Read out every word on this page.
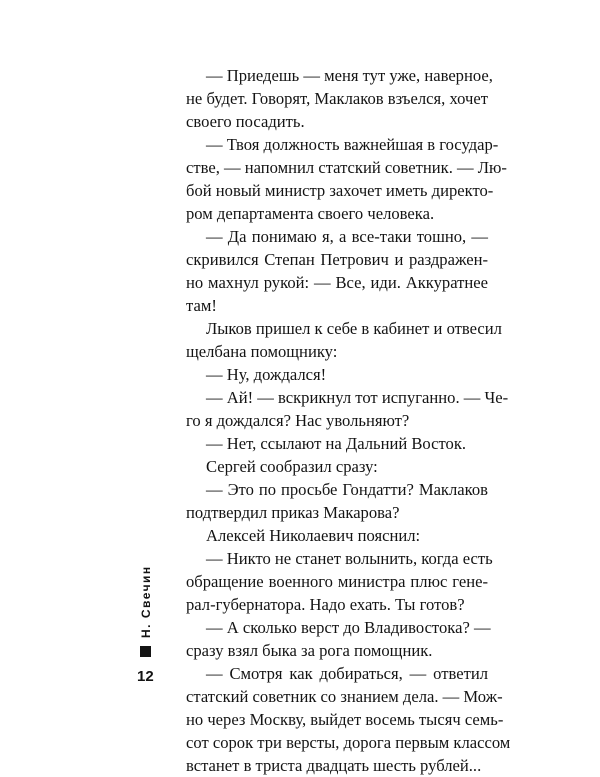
— Приедешь — меня тут уже, наверное,
не будет. Говорят, Маклаков взъелся, хочет
своего посадить.
— Твоя должность важнейшая в государ-
стве, — напомнил статский советник. — Лю-
бой новый министр захочет иметь директо-
ром департамента своего человека.
— Да понимаю я, а все-таки тошно, —
скривился Степан Петрович и раздражен-
но махнул рукой: — Все, иди. Аккуратнее
там!
Лыков пришел к себе в кабинет и отвесил
щелбана помощнику:
— Ну, дождался!
— Ай! — вскрикнул тот испуганно. — Че-
го я дождался? Нас увольняют?
— Нет, ссылают на Дальний Восток.
Сергей сообразил сразу:
— Это по просьбе Гондатти? Маклаков
подтвердил приказ Макарова?
Алексей Николаевич пояснил:
— Никто не станет волынить, когда есть
обращение военного министра плюс гене-
рал-губернатора. Надо ехать. Ты готов?
— А сколько верст до Владивостока? —
сразу взял быка за рога помощник.
— Смотря как добираться, — ответил
статский советник со знанием дела. — Мож-
но через Москву, выйдет восемь тысяч семь-
сот сорок три версты, дорога первым классом
встанет в триста двадцать шесть рублей...
Н. Свечин
12
